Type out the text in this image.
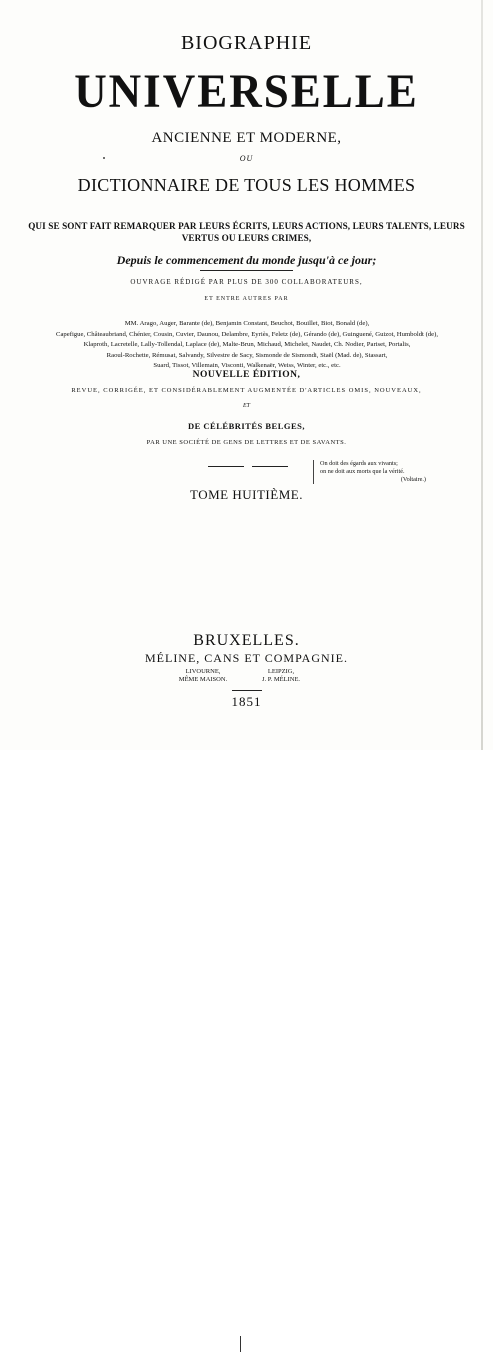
BIOGRAPHIE
UNIVERSELLE
ANCIENNE ET MODERNE,
OU
DICTIONNAIRE DE TOUS LES HOMMES
QUI SE SONT FAIT REMARQUER PAR LEURS ÉCRITS, LEURS ACTIONS, LEURS TALENTS, LEURS VERTUS OU LEURS CRIMES,
Depuis le commencement du monde jusqu'à ce jour;
OUVRAGE RÉDIGÉ PAR PLUS DE 300 COLLABORATEURS,
ET ENTRE AUTRES PAR
MM. Arago, Auger, Barante (de), Benjamin Constant, Beuchot, Bouillet, Biot, Bonald (de),
Capefigue, Châteaubriand, Chénier, Cousin, Cuvier, Daunou, Delambre, Eyriès, Feletz (de), Gérando (de), Guinguené, Guizot, Humboldt (de),
Klaproth, Lacretelle, Lally-Tollendal, Laplace (de), Malte-Brun, Michaud, Michelet, Naudet, Ch. Nodier, Pariset, Portalis,
Raoul-Rochette, Rémusat, Salvandy, Silvestre de Sacy, Sismonde de Sismondi, Staël (Mad. de), Stassart,
Suard, Tissot, Villemain, Visconti, Walkenaër, Weiss, Winter, etc., etc.
NOUVELLE ÉDITION,
REVUE, CORRIGÉE, ET CONSIDÉRABLEMENT AUGMENTÉE D'ARTICLES OMIS, NOUVEAUX,
ET
DE CÉLÉBRITÉS BELGES,
PAR UNE SOCIÉTÉ DE GENS DE LETTRES ET DE SAVANTS.
On doit des égards aux vivants;
on ne doit aux morts que la vérité.
(Voltaire.)
TOME HUITIÈME.
BRUXELLES.
MÉLINE, CANS ET COMPAGNIE.
LIVOURNE,
MÊME MAISON.
LEIPZIG,
J. P. MÉLINE.
1851
